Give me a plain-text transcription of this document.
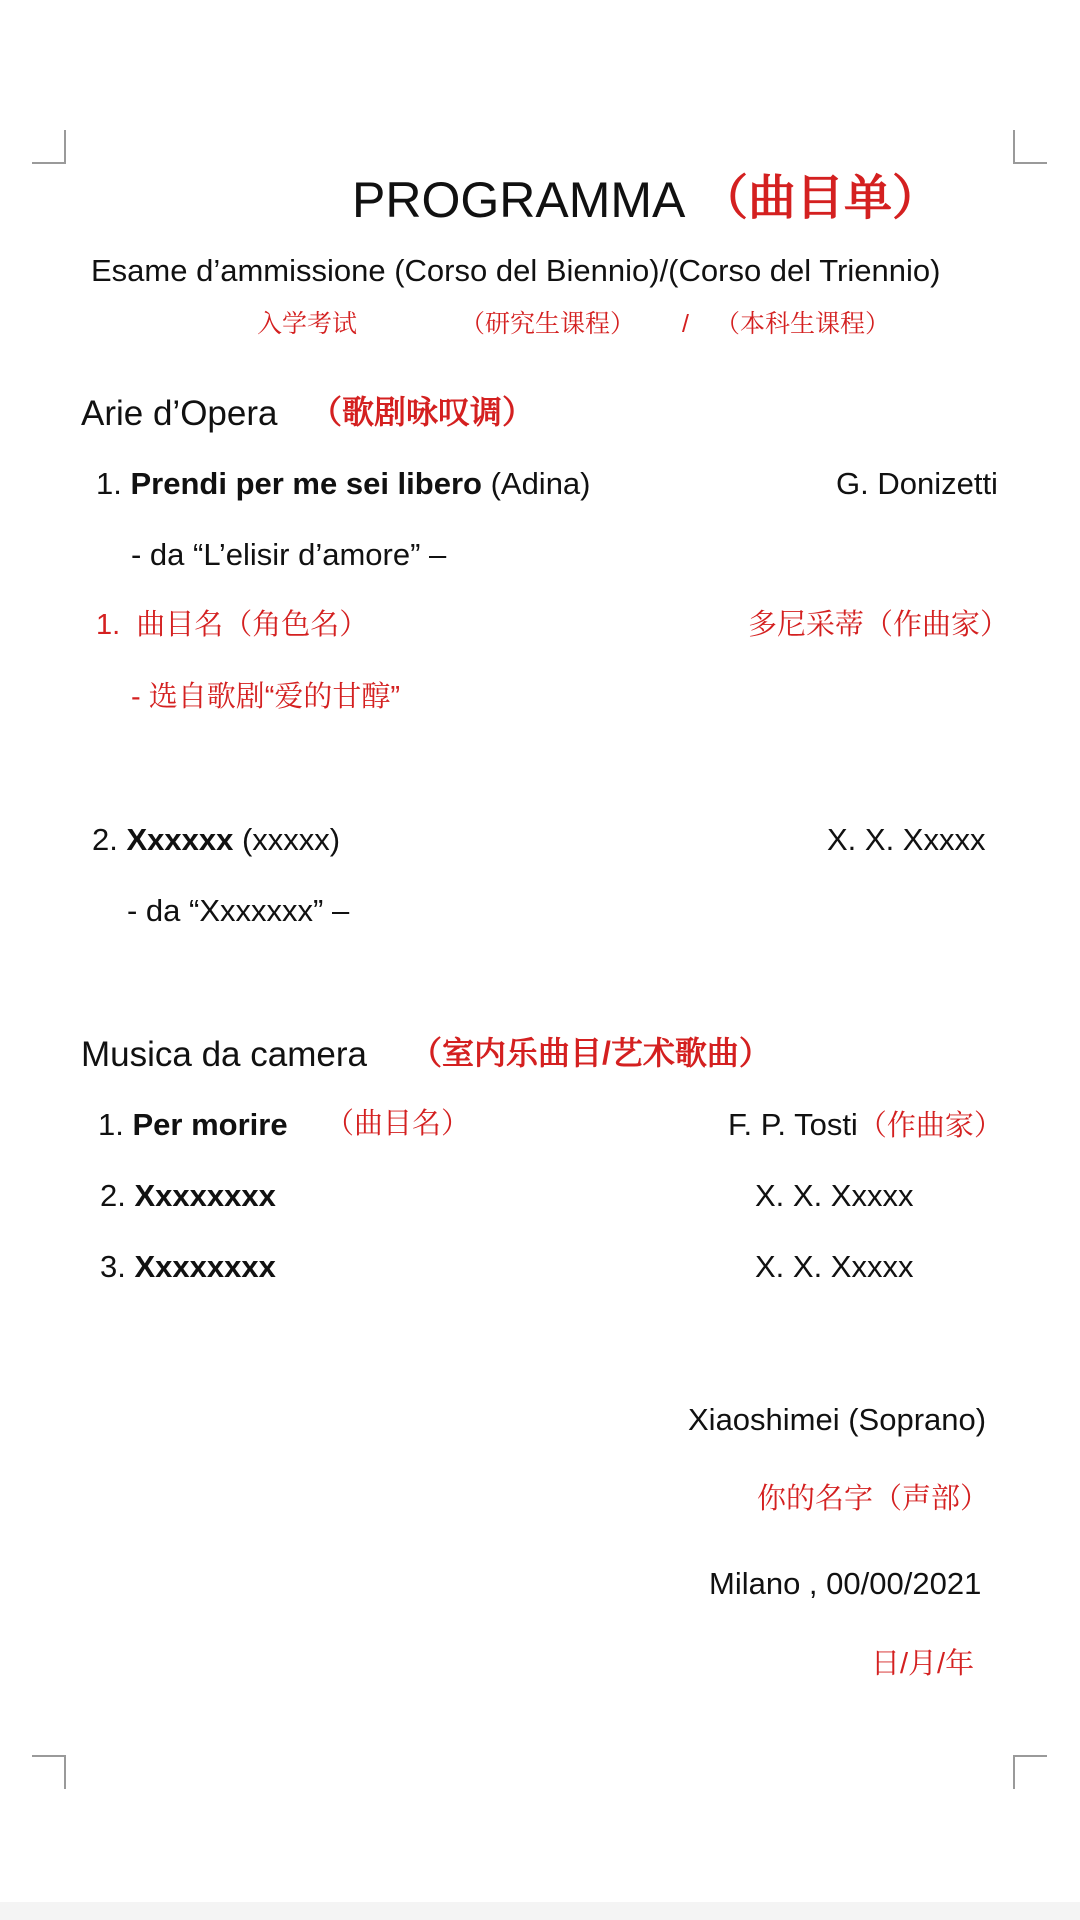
PROGRAMMA （曲目单）
Esame d’ammissione (Corso del Biennio)/(Corso del Triennio)
入学考试	（研究生课程） / （本科生课程）
Arie d’Opera （歌剧咏叹调）
1. Prendi per me sei libero (Adina)	G. Donizetti
- da “L’elisir d’amore” –
1. 曲目名（角色名）	多尼采蒂（作曲家）
- 选自歌剧“爱的甘醇”
2. Xxxxxx (xxxxx)	X. X. Xxxxx
- da “Xxxxxxx” –
Musica da camera （室内乐曲目/艺术歌曲）
1. Per morire （曲目名）	F. P. Tosti（作曲家）
2. Xxxxxxxx	X. X. Xxxxx
3. Xxxxxxxx	X. X. Xxxxx
Xiaoshimei (Soprano)
你的名字（声部）
Milano , 00/00/2021
日/月/年
